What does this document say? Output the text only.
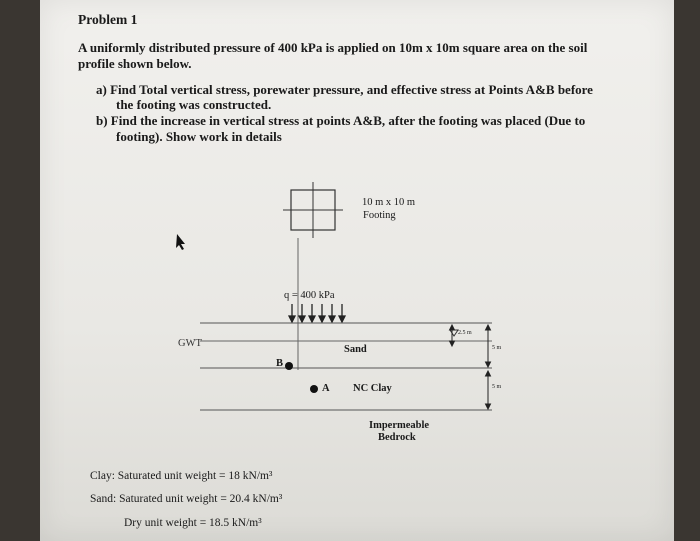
Problem 1
A uniformly distributed pressure of 400 kPa is applied on 10m x 10m square area on the soil
profile shown below.
a) Find Total vertical stress, porewater pressure, and effective stress at Points A&B before
the footing was constructed.
b) Find the increase in vertical stress at points A&B, after the footing was placed (Due to
footing). Show work in details
10 m x 10 m
Footing
q = 400 kPa
GWT
Sand
B
A NC Clay
Impermeable
Bedrock
2.5 m
5 m
5 m
Clay: Saturated unit weight = 18 kN/m³
Sand: Saturated unit weight = 20.4 kN/m³
Dry unit weight = 18.5 kN/m³
